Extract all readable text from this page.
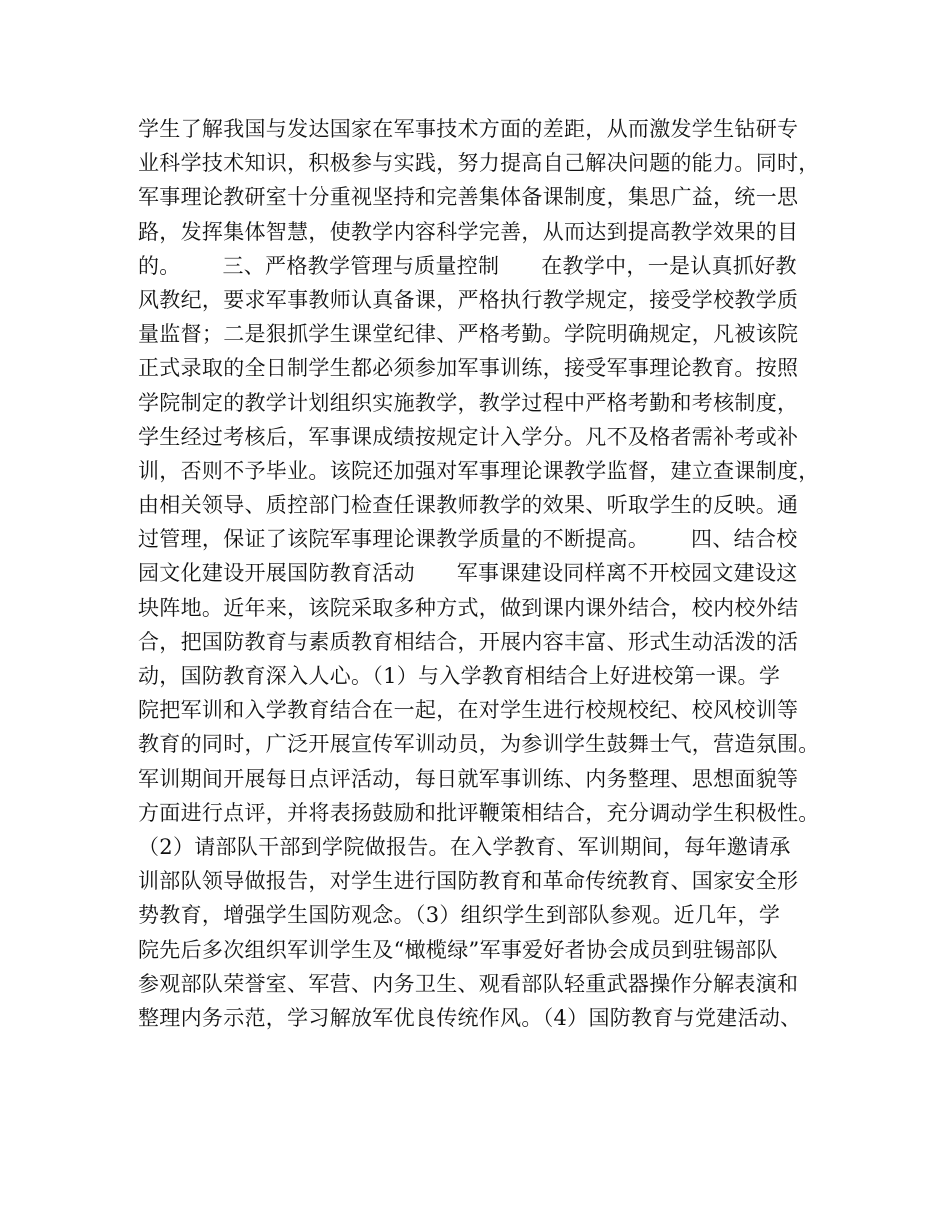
学生了解我国与发达国家在军事技术方面的差距，从而激发学生钻研专
业科学技术知识，积极参与实践，努力提高自己解决问题的能力。同时，
军事理论教研室十分重视坚持和完善集体备课制度，集思广益，统一思
路，发挥集体智慧，使教学内容科学完善，从而达到提高教学效果的目
的。      三、严格教学管理与质量控制      在教学中，一是认真抓好教
风教纪，要求军事教师认真备课，严格执行教学规定，接受学校教学质
量监督；二是狠抓学生课堂纪律、严格考勤。学院明确规定，凡被该院
正式录取的全日制学生都必须参加军事训练，接受军事理论教育。按照
学院制定的教学计划组织实施教学，教学过程中严格考勤和考核制度，
学生经过考核后，军事课成绩按规定计入学分。凡不及格者需补考或补
训，否则不予毕业。该院还加强对军事理论课教学监督，建立查课制度，
由相关领导、质控部门检查任课教师教学的效果、听取学生的反映。通
过管理，保证了该院军事理论课教学质量的不断提高。      四、结合校
园文化建设开展国防教育活动      军事课建设同样离不开校园文建设这
块阵地。近年来，该院采取多种方式，做到课内课外结合，校内校外结
合，把国防教育与素质教育相结合，开展内容丰富、形式生动活泼的活
动，国防教育深入人心。（1）与入学教育相结合上好进校第一课。学
院把军训和入学教育结合在一起，在对学生进行校规校纪、校风校训等
教育的同时，广泛开展宣传军训动员，为参训学生鼓舞士气，营造氛围。
军训期间开展每日点评活动，每日就军事训练、内务整理、思想面貌等
方面进行点评，并将表扬鼓励和批评鞭策相结合，充分调动学生积极性。
（2）请部队干部到学院做报告。在入学教育、军训期间，每年邀请承
训部队领导做报告，对学生进行国防教育和革命传统教育、国家安全形
势教育，增强学生国防观念。（3）组织学生到部队参观。近几年，学
院先后多次组织军训学生及“橄榄绿”军事爱好者协会成员到驻锡部队
参观部队荣誉室、军营、内务卫生、观看部队轻重武器操作分解表演和
整理内务示范，学习解放军优良传统作风。（4）国防教育与党建活动、
